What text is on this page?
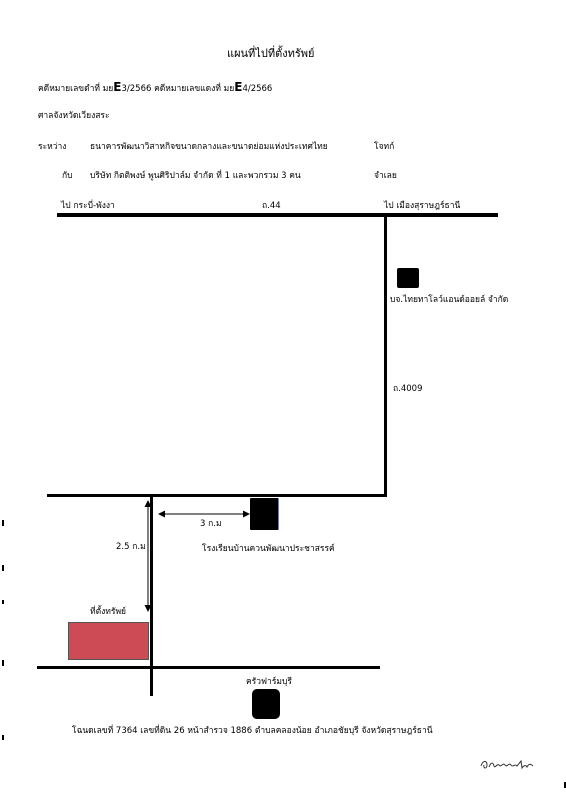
แผนที่ไปที่ตั้งทรัพย์
คดีหมายเลขดำที่ มยE3/2566 คดีหมายเลขแดงที่ มยE4/2566
ศาลจังหวัดเวียงสระ
ระหว่าง	ธนาคารพัฒนาวิสาหกิจขนาดกลางและขนาดย่อมแห่งประเทศไทย	โจทก์
กับ บริษัท กิตติพงษ์ พูนศิริปาล์ม จำกัด ที่ 1 และพวกรวม 3 คน	จำเลย
ไป กระบี่-พังงา	ถ.44	ไป เมืองสุราษฎร์ธานี
ถ.4009
บจ.ไทยทาโลว์แอนด์ออยล์ จำกัด
3 ก.ม
โรงเรียนบ้านควนพัฒนาประชาสรรค์
2.5 ก.ม
ที่ตั้งทรัพย์
ครัวฟาร์มบุรี
โฉนดเลขที่ 7364 เลขที่ดิน 26 หน้าสำรวจ 1886 ตำบลคลองน้อย อำเภอชัยบุรี จังหวัดสุราษฎร์ธานี
